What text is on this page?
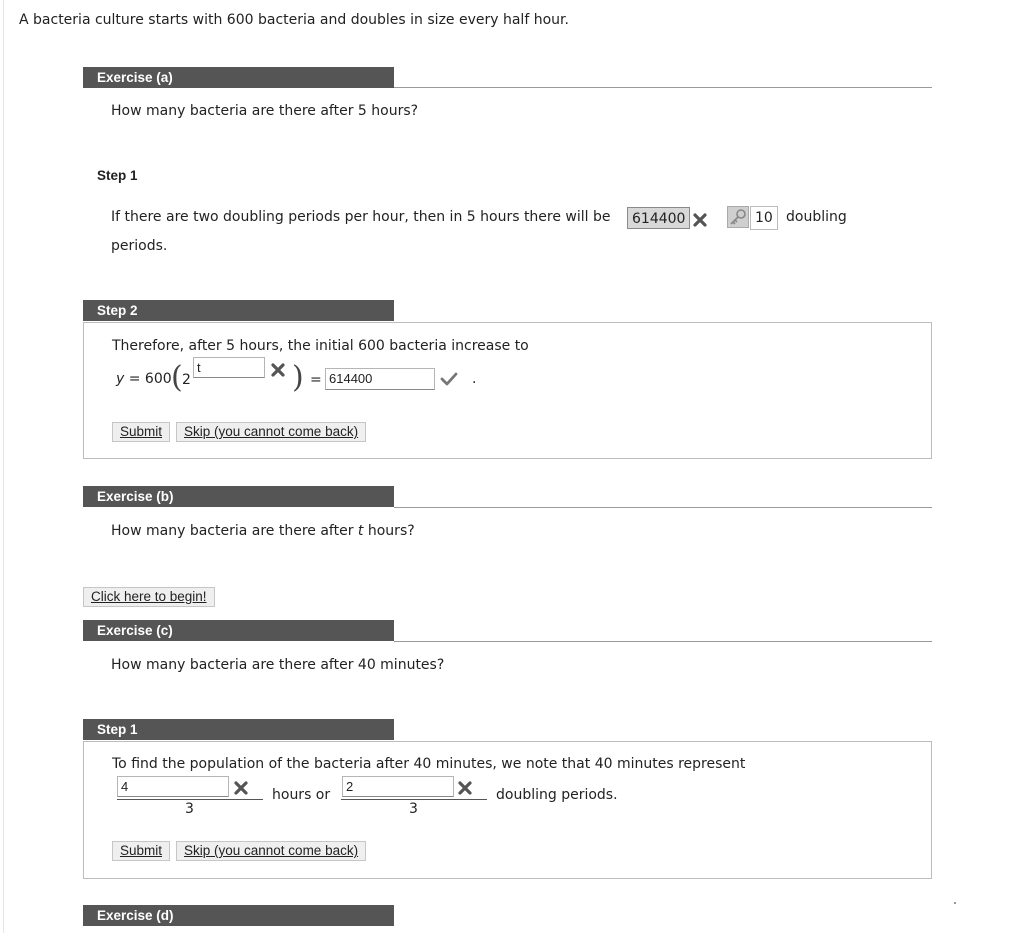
A bacteria culture starts with 600 bacteria and doubles in size every half hour.
Exercise (a)
How many bacteria are there after 5 hours?
Step 1
If there are two doubling periods per hour, then in 5 hours there will be	614400	10 doubling
periods.
Step 2
Therefore, after 5 hours, the initial 600 bacteria increase to
y = 600 ( 2
t	) = 614400	.
Submit	Skip (you cannot come back)
Exercise (b)
How many bacteria are there after t hours?
Click here to begin!
Exercise (c)
How many bacteria are there after 40 minutes?
Step 1
To find the population of the bacteria after 40 minutes, we note that 40 minutes represent
4
3
hours or
2
3
doubling periods.
Submit	Skip (you cannot come back)
Exercise (d)
